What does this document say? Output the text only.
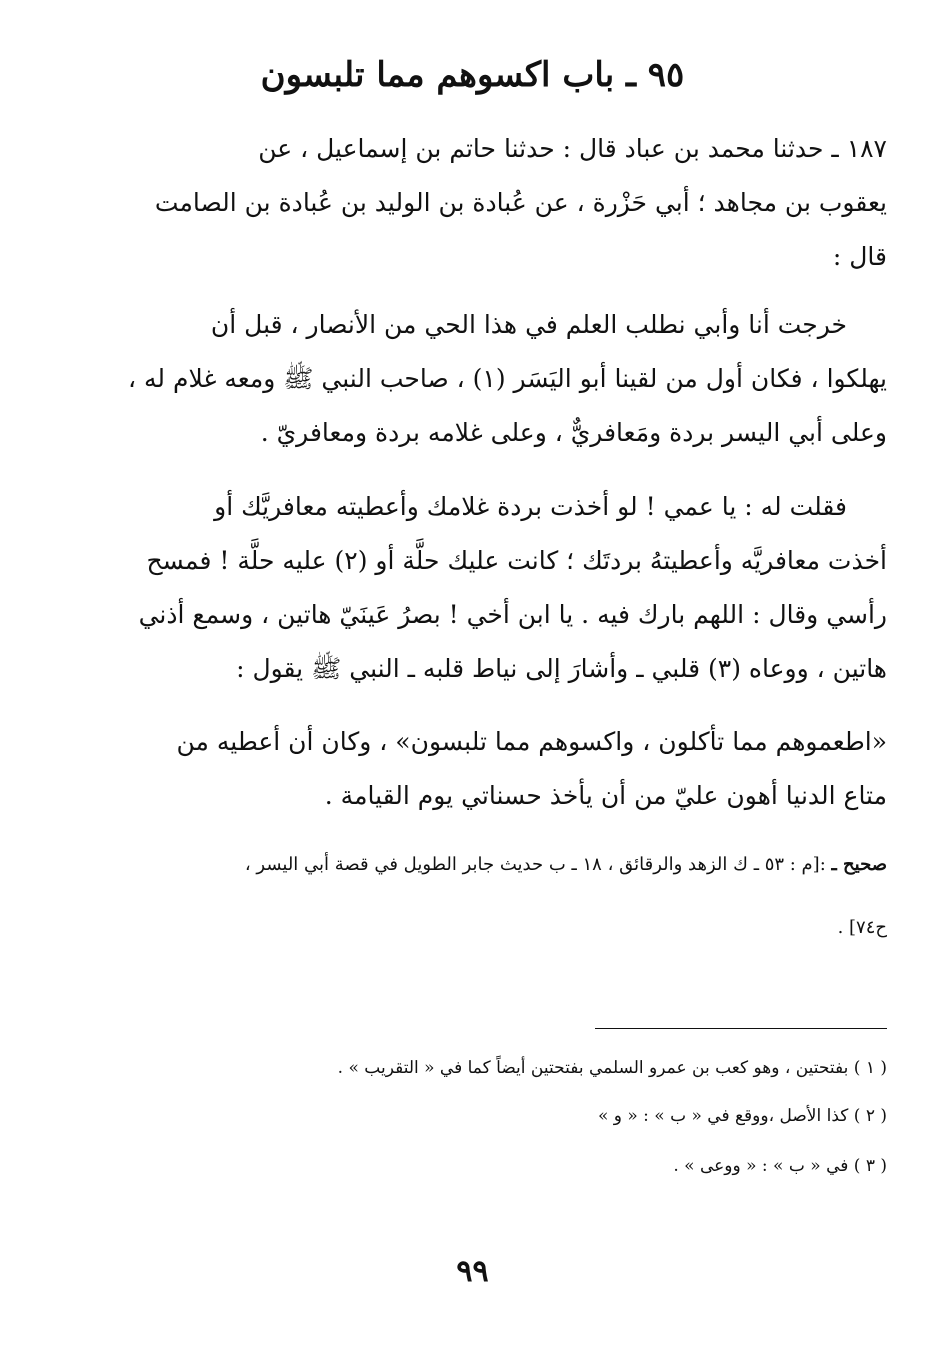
٩٥ ـ باب اكسوهم مما تلبسون
١٨٧ ـ حدثنا محمد بن عباد قال : حدثنا حاتم بن إسماعيل ، عن
يعقوب بن مجاهد ؛ أبي حَزْرة ، عن عُبادة بن الوليد بن عُبادة بن الصامت
قال :
خرجت أنا وأبي نطلب العلم في هذا الحي من الأنصار ، قبل أن
يهلكوا ، فكان أول من لقينا أبو اليَسَر (١) ، صاحب النبي ﷺ ومعه غلام له ،
وعلى أبي اليسر بردة ومَعافريٌّ ، وعلى غلامه بردة ومعافريّ .
فقلت له : يا عمي ! لو أخذت بردة غلامك وأعطيته معافريَّك أو
أخذت معافريَّه وأعطيتهُ بردتَك ؛ كانت عليك حلَّة أو (٢) عليه حلَّة ! فمسح
رأسي وقال : اللهم بارك فيه . يا ابن أخي ! بصرُ عَينَيّ هاتين ، وسمع أذني
هاتين ، ووعاه (٣) قلبي ـ وأشارَ إلى نياط قلبه ـ النبي ﷺ يقول :
«اطعموهم مما تأكلون ، واكسوهم مما تلبسون» ، وكان أن أعطيه من
متاع الدنيا أهون عليّ من أن يأخذ حسناتي يوم القيامة .
صحيح ـ :[م : ٥٣ ـ ك الزهد والرقائق ، ١٨ ـ ب حديث جابر الطويل في قصة أبي اليسر ،
ح٧٤] .
( ١ ) بفتحتين ، وهو كعب بن عمرو السلمي بفتحتين أيضاً كما في « التقريب » .
( ٢ ) كذا الأصل ،ووقع في « ب » : « و »
( ٣ ) في « ب » : « ووعى » .
٩٩
